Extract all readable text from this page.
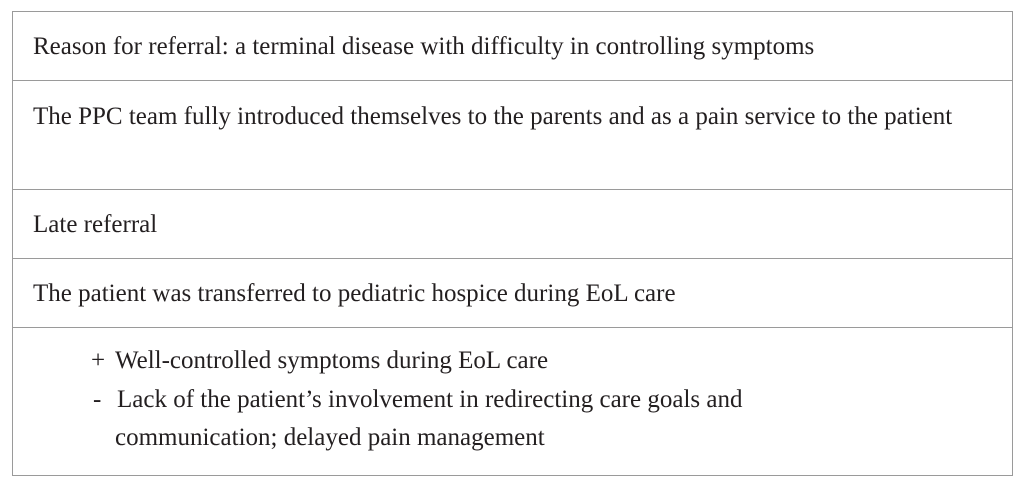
Reason for referral: a terminal disease with difficulty in controlling symptoms
The PPC team fully introduced themselves to the parents and as a pain service to the patient
Late referral
The patient was transferred to pediatric hospice during EoL care
+ Well-controlled symptoms during EoL care
- Lack of the patient’s involvement in redirecting care goals and
communication; delayed pain management
